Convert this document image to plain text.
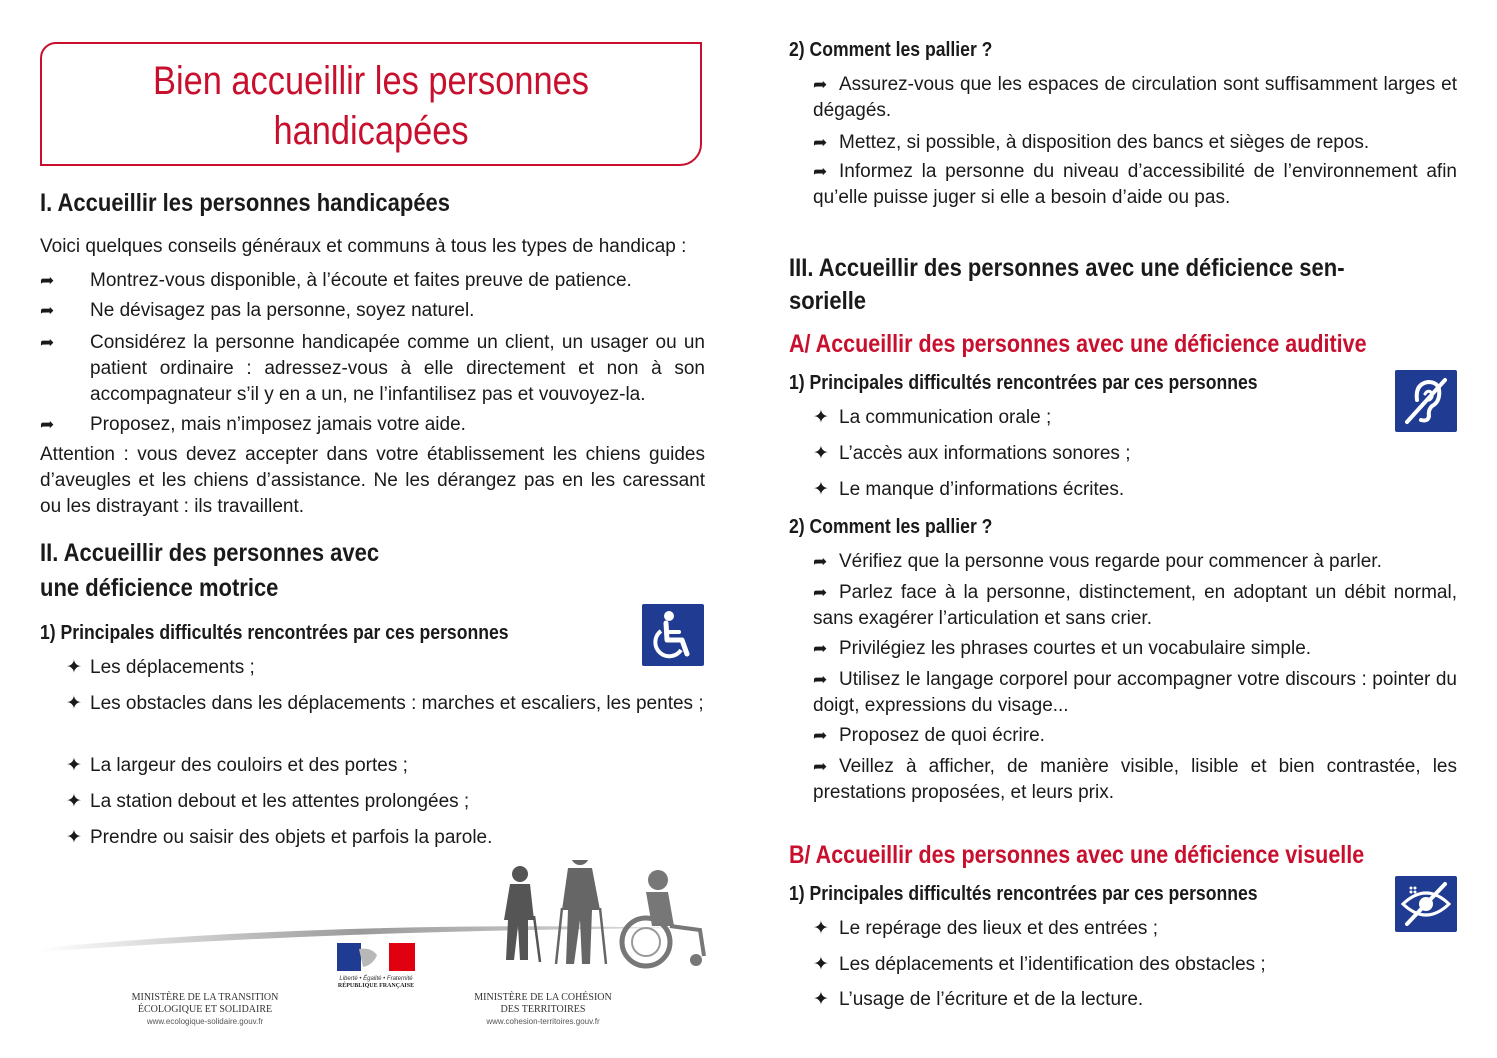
Bien accueillir les personnes
handicapées
I. Accueillir les personnes handicapées
Voici quelques conseils généraux et communs à tous les types de handicap :
➦	Montrez-vous disponible, à l’écoute et faites preuve de patience.
➦	Ne dévisagez pas la personne, soyez naturel.
➦	Considérez la personne handicapée comme un client, un usager ou un patient ordinaire : adressez-vous à elle directement et non à son accompagnateur s’il y en a un, ne l’infantilisez pas et vouvoyez-la.
➦	Proposez, mais n’imposez jamais votre aide.
Attention : vous devez accepter dans votre établissement les chiens guides d’aveugles et les chiens d’assistance. Ne les dérangez pas en les caressant ou les distrayant : ils travaillent.
II. Accueillir des personnes avec
une déficience motrice
1) Principales difficultés rencontrées par ces personnes
✦ Les déplacements ;
✦ Les obstacles dans les déplacements : marches et escaliers, les pentes ;
✦ La largeur des couloirs et des portes ;
✦ La station debout et les attentes prolongées ;
✦ Prendre ou saisir des objets et parfois la parole.
MINISTÈRE DE LA TRANSITION
ÉCOLOGIQUE ET SOLIDAIRE
www.ecologique-solidaire.gouv.fr
Liberté • Égalité • Fraternité
RÉPUBLIQUE FRANÇAISE
MINISTÈRE DE LA COHÉSION
DES TERRITOIRES
www.cohesion-territoires.gouv.fr
2) Comment les pallier ?
➦ Assurez-vous que les espaces de circulation sont suffisamment larges et dégagés.
➦ Mettez, si possible, à disposition des bancs et sièges de repos.
➦ Informez la personne du niveau d’accessibilité de l’environnement afin qu’elle puisse juger si elle a besoin d’aide ou pas.
III. Accueillir des personnes avec une déficience sen-
sorielle
A/ Accueillir des personnes avec une déficience auditive
1) Principales difficultés rencontrées par ces personnes
✦ La communication orale ;
✦ L’accès aux informations sonores ;
✦ Le manque d’informations écrites.
2) Comment les pallier ?
➦ Vérifiez que la personne vous regarde pour commencer à parler.
➦ Parlez face à la personne, distinctement, en adoptant un débit normal, sans exagérer l’articulation et sans crier.
➦ Privilégiez les phrases courtes et un vocabulaire simple.
➦ Utilisez le langage corporel pour accompagner votre discours : pointer du doigt, expressions du visage...
➦ Proposez de quoi écrire.
➦ Veillez à afficher, de manière visible, lisible et bien contrastée, les prestations proposées, et leurs prix.
B/ Accueillir des personnes avec une déficience visuelle
1) Principales difficultés rencontrées par ces personnes
✦ Le repérage des lieux et des entrées ;
✦ Les déplacements et l’identification des obstacles ;
✦ L’usage de l’écriture et de la lecture.
